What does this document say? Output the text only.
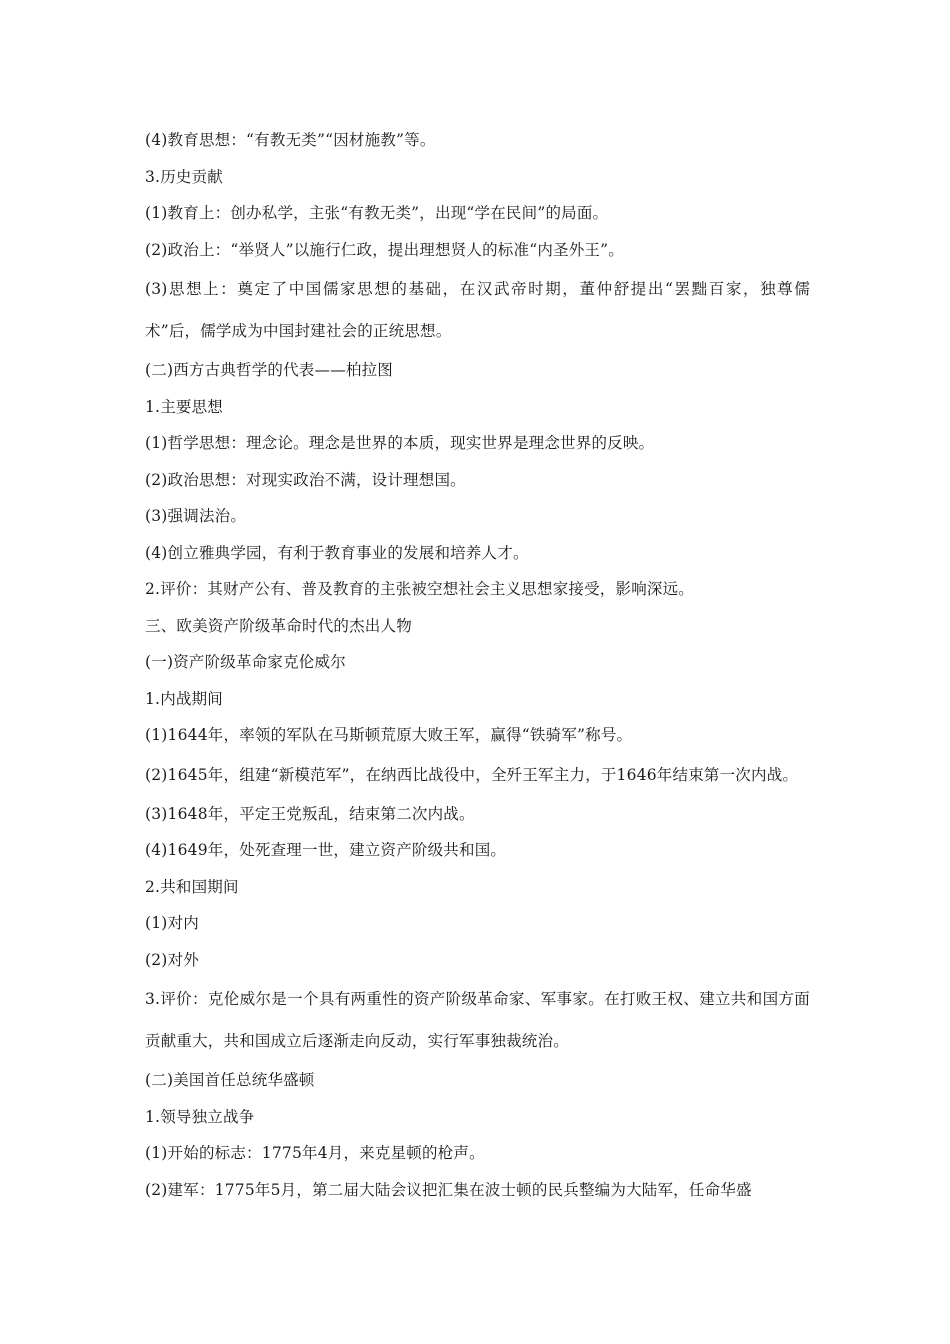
(4)教育思想：“有教无类”“因材施教”等。
3.历史贡献
(1)教育上：创办私学，主张“有教无类”，出现“学在民间”的局面。
(2)政治上：“举贤人”以施行仁政，提出理想贤人的标准“内圣外王”。
(3)思想上：奠定了中国儒家思想的基础，在汉武帝时期，董仲舒提出“罢黜百家，独尊儒术”后，儒学成为中国封建社会的正统思想。
(二)西方古典哲学的代表——柏拉图
1.主要思想
(1)哲学思想：理念论。理念是世界的本质，现实世界是理念世界的反映。
(2)政治思想：对现实政治不满，设计理想国。
(3)强调法治。
(4)创立雅典学园，有利于教育事业的发展和培养人才。
2.评价：其财产公有、普及教育的主张被空想社会主义思想家接受，影响深远。
三、欧美资产阶级革命时代的杰出人物
(一)资产阶级革命家克伦威尔
1.内战期间
(1)1644年，率领的军队在马斯顿荒原大败王军，赢得“铁骑军”称号。
(2)1645年，组建“新模范军”，在纳西比战役中，全歼王军主力，于1646年结束第一次内战。
(3)1648年，平定王党叛乱，结束第二次内战。
(4)1649年，处死查理一世，建立资产阶级共和国。
2.共和国期间
(1)对内
(2)对外
3.评价：克伦威尔是一个具有两重性的资产阶级革命家、军事家。在打败王权、建立共和国方面贡献重大，共和国成立后逐渐走向反动，实行军事独裁统治。
(二)美国首任总统华盛顿
1.领导独立战争
(1)开始的标志：1775年4月，来克星顿的枪声。
(2)建军：1775年5月，第二届大陆会议把汇集在波士顿的民兵整编为大陆军，任命华盛
